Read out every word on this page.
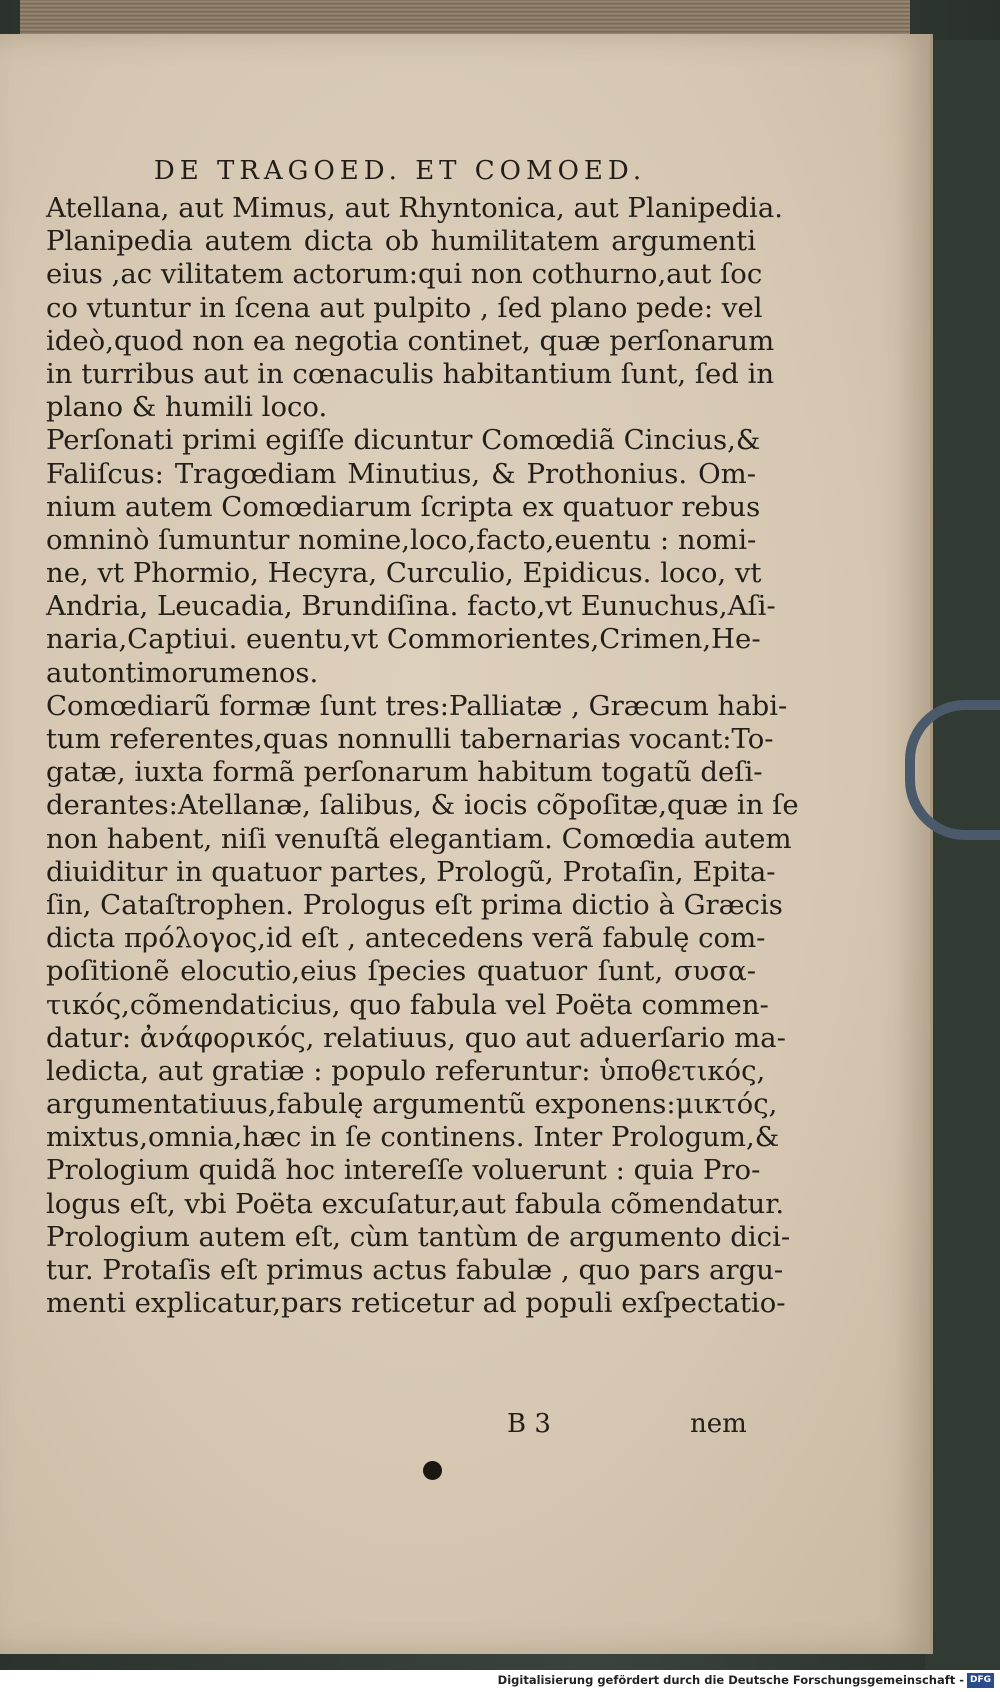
DE TRAGOED. ET COMOED.
Atellana, aut Mimus, aut Rhyntonica, aut Planipedia.
Planipedia autem dicta ob humilitatem argumenti
eius ,ac vilitatem actorum:qui non cothurno,aut ſoc
co vtuntur in ſcena aut pulpito , ſed plano pede: vel
ideò,quod non ea negotia continet, quæ perſonarum
in turribus aut in cœnaculis habitantium ſunt, ſed in
plano & humili loco.
Perſonati primi egiſſe dicuntur Comœdiã Cincius,&
Faliſcus: Tragœdiam Minutius, & Prothonius. Om-
nium autem Comœdiarum ſcripta ex quatuor rebus
omninò ſumuntur nomine,loco,facto,euentu : nomi-
ne, vt Phormio, Hecyra, Curculio, Epidicus. loco, vt
Andria, Leucadia, Brundiſina. facto,vt Eunuchus,Aſi-
naria,Captiui. euentu,vt Commorientes,Crimen,He-
autontimorumenos.
Comœdiarũ formæ ſunt tres:Palliatæ , Græcum habi-
tum referentes,quas nonnulli tabernarias vocant:To-
gatæ, iuxta formã perſonarum habitum togatũ deſi-
derantes:Atellanæ, ſalibus, & iocis cõpoſitæ,quæ in ſe
non habent, niſi venuſtã elegantiam. Comœdia autem
diuiditur in quatuor partes, Prologũ, Protaſin, Epita-
ſin, Cataſtrophen. Prologus eſt prima dictio à Græcis
dicta πρόλογος,id eſt , antecedens verã fabulę com-
poſitionẽ elocutio,eius ſpecies quatuor ſunt, συσα-
τικός,cõmendaticius, quo fabula vel Poëta commen-
datur: ἀνάφορικός, relatiuus, quo aut aduerſario ma-
ledicta, aut gratiæ : populo referuntur: ὑποθετικός,
argumentatiuus,fabulę argumentũ exponens:μικτός,
mixtus,omnia,hæc in ſe continens. Inter Prologum,&
Prologium quidã hoc intereſſe voluerunt : quia Pro-
logus eſt, vbi Poëta excuſatur,aut fabula cõmendatur.
Prologium autem eſt, cùm tantùm de argumento dici-
tur. Protaſis eſt primus actus fabulæ , quo pars argu-
menti explicatur,pars reticetur ad populi exſpectatio-
B 3	nem
Digitalisierung gefördert durch die Deutsche Forschungsgemeinschaft - DFG
